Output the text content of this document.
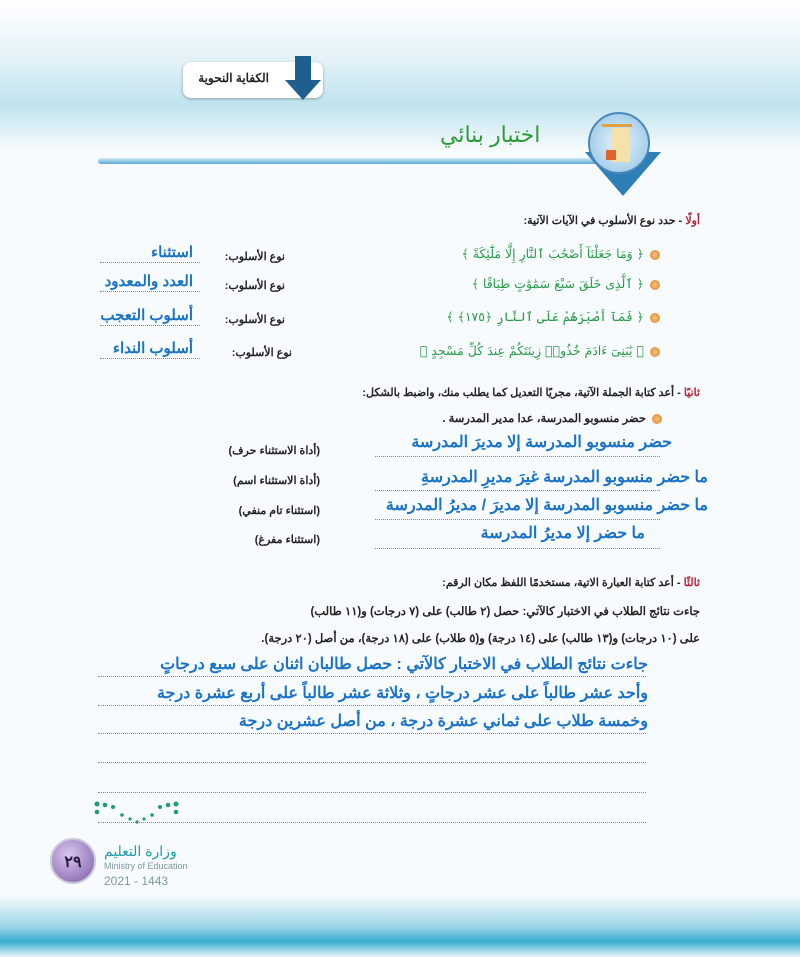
الكفاية النحوية
اختبار بنائي
أولًا - حدد نوع الأسلوب في الآيات الآتية:
﴿ وَمَا جَعَلْنَآ أَصْحَٰبَ ٱلنَّارِ إِلَّا مَلَٰٓئِكَةً ﴾
﴿ ٱلَّذِى خَلَقَ سَبْعَ سَمَٰوَٰتٍ طِبَاقًا ﴾
﴿ فَمَآ أَصْبَرَهُمْ عَلَى ٱلنَّارِ ﴿١٧٥﴾ ﴾
﴿ يَٰبَنِىٓ ءَادَمَ خُذُوا۟ زِينَتَكُمْ عِندَ كُلِّ مَسْجِدٍ ﴾
نوع الأسلوب:
نوع الأسلوب:
نوع الأسلوب:
نوع الأسلوب:
استثناء
العدد والمعدود
أسلوب التعجب
أسلوب النداء
ثانيًا - أعد كتابة الجملة الآتية، مجريًا التعديل كما يطلب منك، واضبط بالشكل:
حضر منسوبو المدرسة، عدا مدير المدرسة .
حضر منسوبو المدرسة إلا مديرَ المدرسة
ما حضر منسوبو المدرسة غيرَ مديرِ المدرسةِ
ما حضر منسوبو المدرسة إلا مديرَ / مديرُ المدرسة
ما حضر إلا مديرُ المدرسة
(أداة الاستثناء حرف)
(أداة الاستثناء اسم)
(استثناء تام منفي)
(استثناء مفرغ)
ثالثًا - أعد كتابة العبارة الاتية، مستخدمًا اللفظ مكان الرقم:
جاءت نتائج الطلاب في الاختبار كالآتي: حصل (٢ طالب) على (٧ درجات) و(١١ طالب)
على (١٠ درجات) و(١٣ طالب) على (١٤ درجة) و(٥ طلاب) على (١٨ درجة)، من أصل (٢٠ درجة).
جاءت نتائج الطلاب في الاختبار كالآتي : حصل طالبان اثنان على سبع درجاتٍ
وأحد عشر طالباً على عشر درجاتٍ ، وثلاثة عشر طالباً على أربع عشرة درجة
وخمسة طلاب على ثماني عشرة درجة ، من أصل عشرين درجة
٢٩
وزارة التعليم
Ministry of Education
2021 - 1443
